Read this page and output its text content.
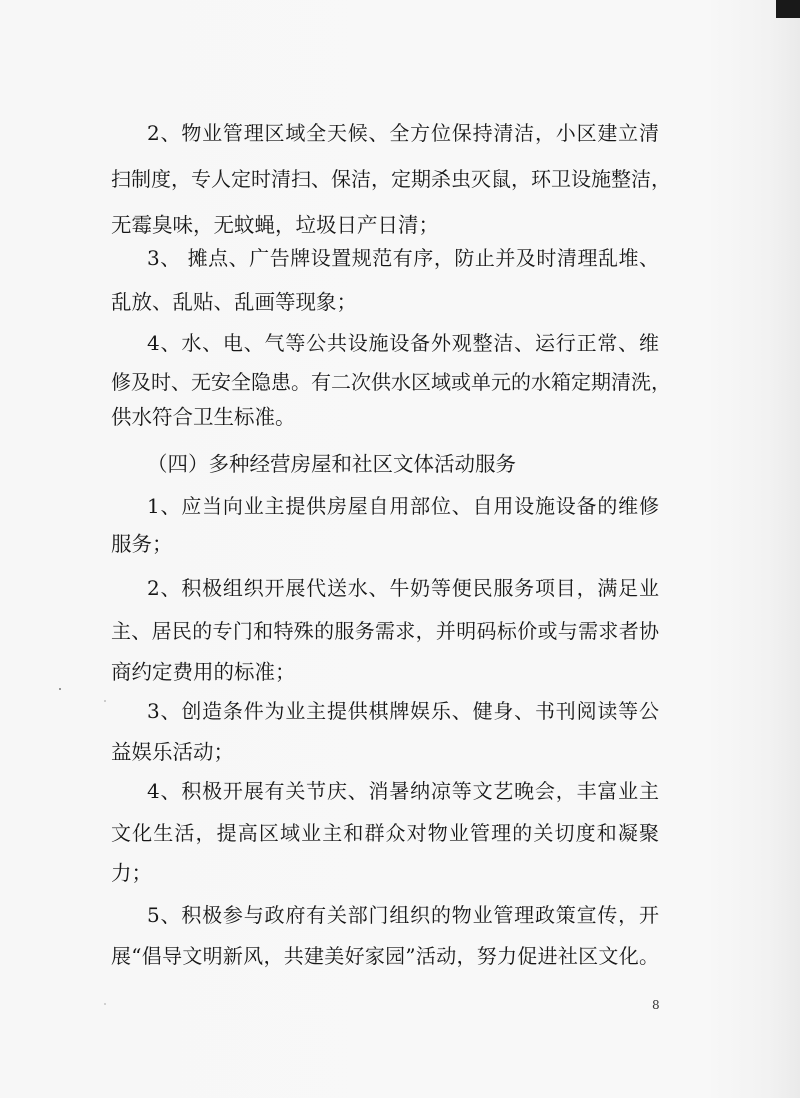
2、物业管理区域全天候、全方位保持清洁，小区建立清
扫制度，专人定时清扫、保洁，定期杀虫灭鼠，环卫设施整洁，
无霉臭味，无蚊蝇，垃圾日产日清；
3、 摊点、广告牌设置规范有序，防止并及时清理乱堆、
乱放、乱贴、乱画等现象；
4、水、电、气等公共设施设备外观整洁、运行正常、维
修及时、无安全隐患。有二次供水区域或单元的水箱定期清洗，
供水符合卫生标准。
（四）多种经营房屋和社区文体活动服务
1、应当向业主提供房屋自用部位、自用设施设备的维修
服务；
2、积极组织开展代送水、牛奶等便民服务项目，满足业
主、居民的专门和特殊的服务需求，并明码标价或与需求者协
商约定费用的标准；
3、创造条件为业主提供棋牌娱乐、健身、书刊阅读等公
益娱乐活动；
4、积极开展有关节庆、消暑纳凉等文艺晚会，丰富业主
文化生活，提高区域业主和群众对物业管理的关切度和凝聚
力；
5、积极参与政府有关部门组织的物业管理政策宣传，开
展“倡导文明新风，共建美好家园”活动，努力促进社区文化。
8
